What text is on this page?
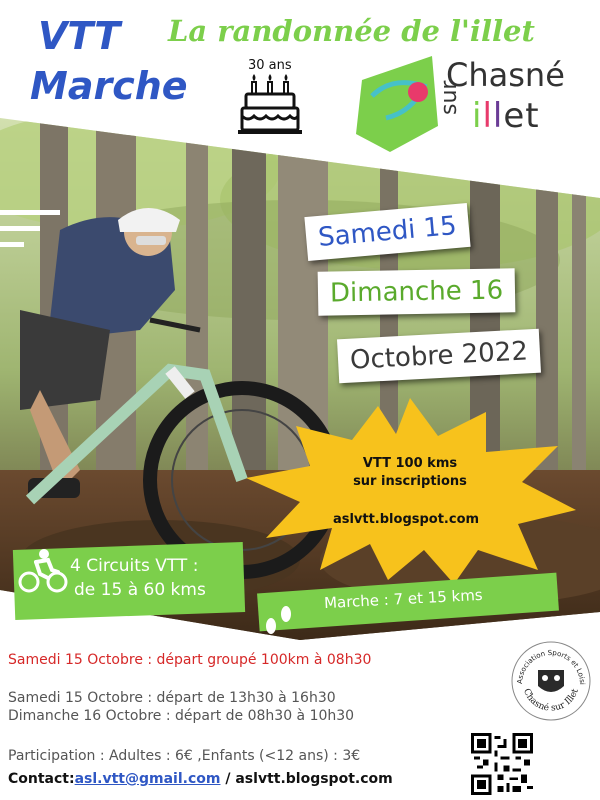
VTT
Marche
La randonnée de l'illet
30 ans	Chasné
sur illet
Samedi 15
Dimanche 16
Octobre 2022
VTT 100 kms
sur inscriptions
aslvtt.blogspot.com
4 Circuits VTT :
de 15 à 60 kms	Marche : 7 et 15 kms
Samedi 15 Octobre : départ groupé 100km à 08h30
Samedi 15 Octobre : départ de 13h30 à 16h30
Dimanche 16 Octobre : départ de 08h30 à 10h30
Participation : Adultes : 6€ ,Enfants (<12 ans) : 3€
Contact:asl.vtt@gmail.com / aslvtt.blogspot.com
Association Sports et Loisi
Chasné sur Illet
